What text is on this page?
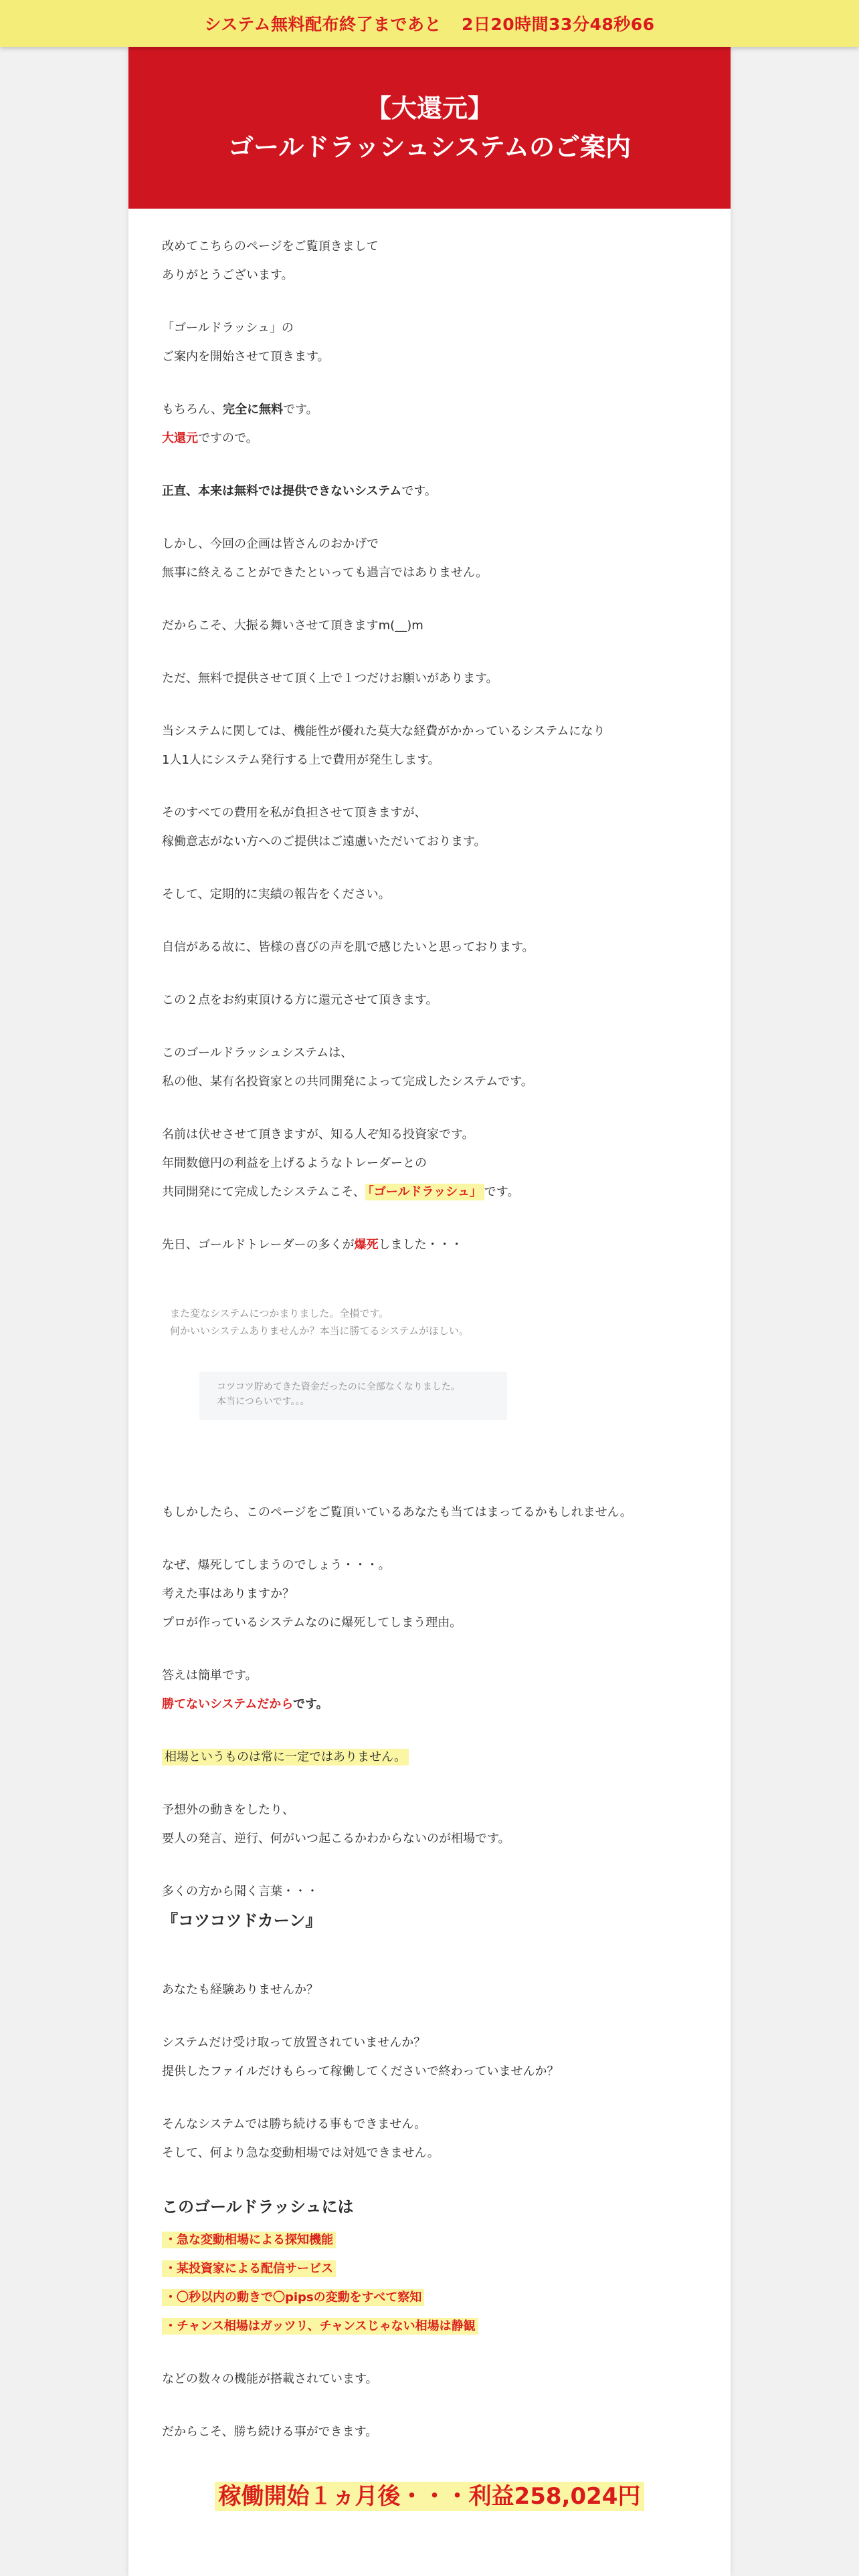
システム無料配布終了まであと 2日20時間33分48秒66
【大還元】
ゴールドラッシュシステムのご案内
改めてこちらのページをご覧頂きまして
ありがとうございます。
「ゴールドラッシュ」の
ご案内を開始させて頂きます。
もちろん、完全に無料です。
大還元ですので。
正直、本来は無料では提供できないシステムです。
しかし、今回の企画は皆さんのおかげで
無事に終えることができたといっても過言ではありません。
だからこそ、大振る舞いさせて頂きますm(__)m
ただ、無料で提供させて頂く上で１つだけお願いがあります。
当システムに関しては、機能性が優れた莫大な経費がかかっているシステムになり
1人1人にシステム発行する上で費用が発生します。
そのすべての費用を私が負担させて頂きますが、
稼働意志がない方へのご提供はご遠慮いただいております。
そして、定期的に実績の報告をください。
自信がある故に、皆様の喜びの声を肌で感じたいと思っております。
この２点をお約束頂ける方に還元させて頂きます。
このゴールドラッシュシステムは、
私の他、某有名投資家との共同開発によって完成したシステムです。
名前は伏せさせて頂きますが、知る人ぞ知る投資家です。
年間数億円の利益を上げるようなトレーダーとの
共同開発にて完成したシステムこそ、 「ゴールドラッシュ」 です。
先日、ゴールドトレーダーの多くが爆死しました・・・
また変なシステムにつかまりました。全損です。
何かいいシステムありませんか？本当に勝てるシステムがほしい。
コツコツ貯めてきた資金だったのに全部なくなりました。
本当につらいです。。。
もしかしたら、このページをご覧頂いているあなたも当てはまってるかもしれません。
なぜ、爆死してしまうのでしょう・・・。
考えた事はありますか？
プロが作っているシステムなのに爆死してしまう理由。
答えは簡単です。
勝てないシステムだからです。
相場というものは常に一定ではありません。
予想外の動きをしたり、
要人の発言、逆行、何がいつ起こるかわからないのが相場です。
多くの方から聞く言葉・・・
『コツコツドカーン』
あなたも経験ありませんか？
システムだけ受け取って放置されていませんか？
提供したファイルだけもらって稼働してくださいで終わっていませんか？
そんなシステムでは勝ち続ける事もできません。
そして、何より急な変動相場では対処できません。
このゴールドラッシュには
・急な変動相場による探知機能
・某投資家による配信サービス
・〇秒以内の動きで〇pipsの変動をすべて察知
・チャンス相場はガッツリ、チャンスじゃない相場は静観
などの数々の機能が搭載されています。
だからこそ、勝ち続ける事ができます。
稼働開始１ヵ月後・・・利益258,024円
